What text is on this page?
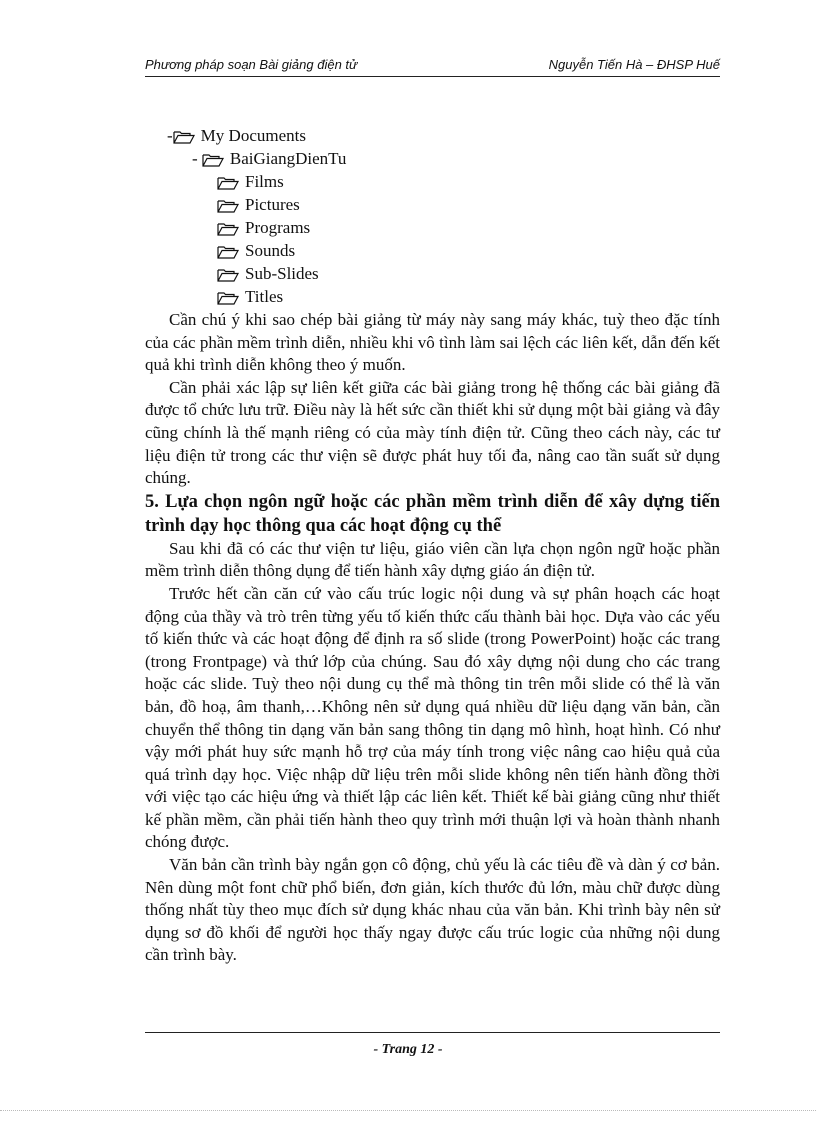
Phương pháp soạn Bài giảng điện tử	Nguyễn Tiến Hà – ĐHSP Huế
- My Documents
- BaiGiangDienTu
Films
Pictures
Programs
Sounds
Sub-Slides
Titles

Cần chú ý khi sao chép bài giảng từ máy này sang máy khác, tuỳ theo đặc tính của các phần mềm trình diễn, nhiều khi vô tình làm sai lệch các liên kết, dẫn đến kết quả khi trình diễn không theo ý muốn.

Cần phải xác lập sự liên kết giữa các bài giảng trong hệ thống các bài giảng đã được tổ chức lưu trữ. Điều này là hết sức cần thiết khi sử dụng một bài giảng và đây cũng chính là thế mạnh riêng có của mày tính điện tử. Cũng theo cách này, các tư liệu điện tử trong các thư viện sẽ được phát huy tối đa, nâng cao tần suất sử dụng chúng.

5. Lựa chọn ngôn ngữ hoặc các phần mềm trình diễn để xây dựng tiến trình dạy học thông qua các hoạt động cụ thể

Sau khi đã có các thư viện tư liệu, giáo viên cần lựa chọn ngôn ngữ hoặc phần mềm trình diễn thông dụng để tiến hành xây dựng giáo án điện tử.

Trước hết cần căn cứ vào cấu trúc logic nội dung và sự phân hoạch các hoạt động của thầy và trò trên từng yếu tố kiến thức cấu thành bài học. Dựa vào các yếu tố kiến thức và các hoạt động để định ra số slide (trong PowerPoint) hoặc các trang (trong Frontpage) và thứ lớp của chúng. Sau đó xây dựng nội dung cho các trang hoặc các slide. Tuỳ theo nội dung cụ thể mà thông tin trên mỗi slide có thể là văn bản, đồ hoạ, âm thanh,…Không nên sử dụng quá nhiều dữ liệu dạng văn bản, cần chuyển thể thông tin dạng văn bản sang thông tin dạng mô hình, hoạt hình. Có như vậy mới phát huy sức mạnh hỗ trợ của máy tính trong việc nâng cao hiệu quả của quá trình dạy học. Việc nhập dữ liệu trên mỗi slide không nên tiến hành đồng thời với việc tạo các hiệu ứng và thiết lập các liên kết. Thiết kế bài giảng cũng như thiết kế phần mềm, cần phải tiến hành theo quy trình mới thuận lợi và hoàn thành nhanh chóng được.

Văn bản cần trình bày ngắn gọn cô động, chủ yếu là các tiêu đề và dàn ý cơ bản. Nên dùng một font chữ phổ biến, đơn giản, kích thước đủ lớn, màu chữ được dùng thống nhất tùy theo mục đích sử dụng khác nhau của văn bản. Khi trình bày nên sử dụng sơ đồ khối để người học thấy ngay được cấu trúc logic của những nội dung cần trình bày.

- Trang 12 -
